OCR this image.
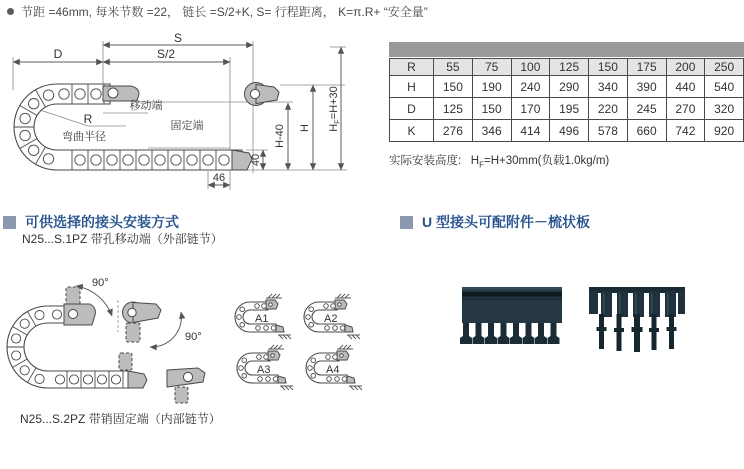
节距 =46mm, 每米节数 =22， 链长 =S/2+K, S= 行程距离， K=π.R+ “安全量”
S
D	S/2
移动端
固定端
R
弯曲半径	H-40 H $H_F=H+30$
40
46
R	55	75	100	125	150	175	200	250
H	150	190	240	290	340	390	440	540
D	125	150	170	195	220	245	270	320
K	276	346	414	496	578	660	742	920
实际安装高度: $H_F=H+30mm$(负载1.0kg/m)
可供选择的接头安装方式
N25...S.1PZ 带孔移动端（外部链节）
90°
90°
N25...S.2PZ 带销固定端（内部链节）
A1	A2
A3	A4
U 型接头可配附件－梳状板
